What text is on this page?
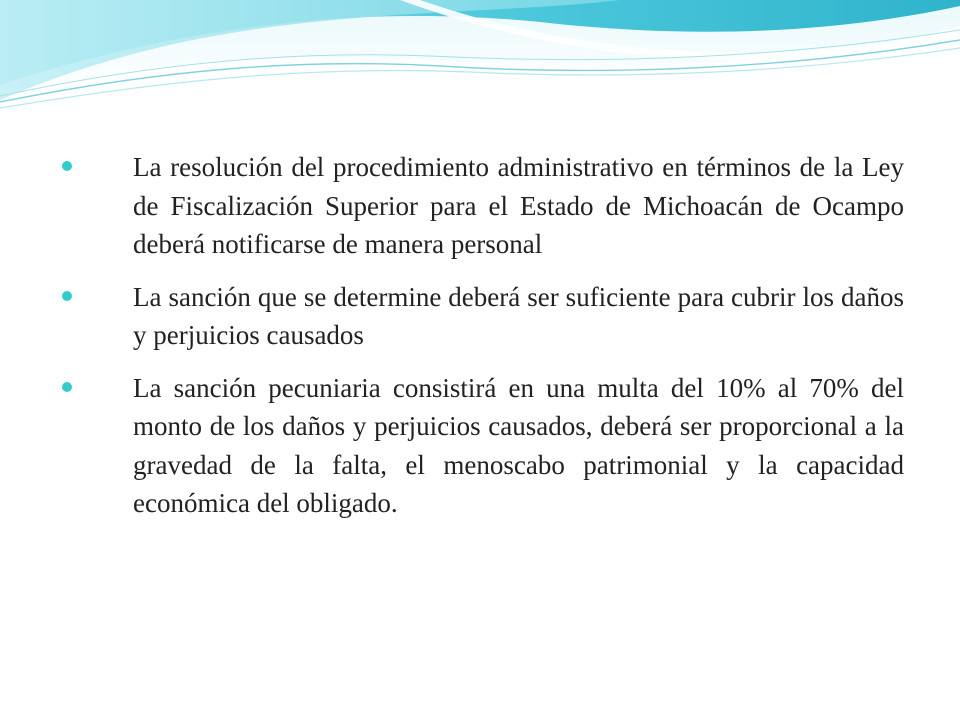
La resolución del procedimiento administrativo en términos de la Ley de Fiscalización Superior para el Estado de Michoacán de Ocampo deberá notificarse de manera personal
La sanción que se determine deberá ser suficiente para cubrir los daños y perjuicios causados
La sanción pecuniaria consistirá en una multa del 10% al 70% del monto de los daños y perjuicios causados, deberá ser proporcional a la gravedad de la falta, el menoscabo patrimonial y la capacidad económica del obligado.
